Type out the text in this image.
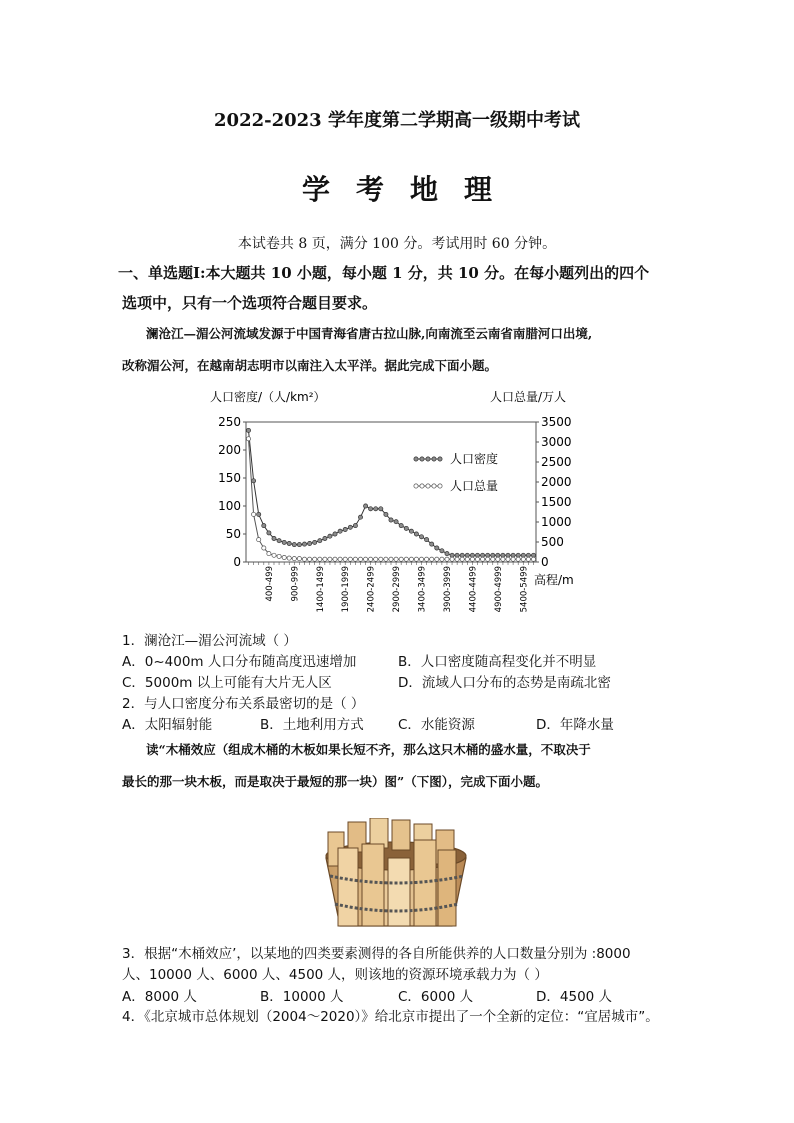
2022-2023 学年度第二学期高一级期中考试
学考地理
本试卷共 8 页，满分 100 分。考试用时 60 分钟。
一、单选题Ⅰ:本大题共 10 小题，每小题 1 分，共 10 分。在每小题列出的四个
选项中，只有一个选项符合题目要求。
澜沧江—湄公河流域发源于中国青海省唐古拉山脉,向南流至云南省南腊河口出境,
改称湄公河，在越南胡志明市以南注入太平洋。据此完成下面小题。
人口密度/（人/km²）	人口总量/万人
250
200
150
100
50
0
3500
3000
2500
2000
1500
1000
500
0
400-499 900-999 1400-1499 1900-1999 2400-2499 2900-2999 3400-3499 3900-3999 4400-4499 4900-4999 5400-5499
人口密度
人口总量
高程/m
1．澜沧江—湄公河流域（ ）
A．0~400m 人口分布随高度迅速增加	B．人口密度随高程变化并不明显
C．5000m 以上可能有大片无人区	D．流域人口分布的态势是南疏北密
2．与人口密度分布关系最密切的是（ ）
A．太阳辐射能	B．土地利用方式	C．水能资源	D．年降水量
读“木桶效应（组成木桶的木板如果长短不齐，那么这只木桶的盛水量，不取决于
最长的那一块木板，而是取决于最短的那一块）图”（下图），完成下面小题。
3．根据“木桶效应’，以某地的四类要素测得的各自所能供养的人口数量分别为 :8000
人、10000 人、6000 人、4500 人，则该地的资源环境承载力为（ ）
A．8000 人	B．10000 人	C．6000 人	D．4500 人
4．《北京城市总体规划（2004～2020）》给北京市提出了一个全新的定位：“宜居城市”。
